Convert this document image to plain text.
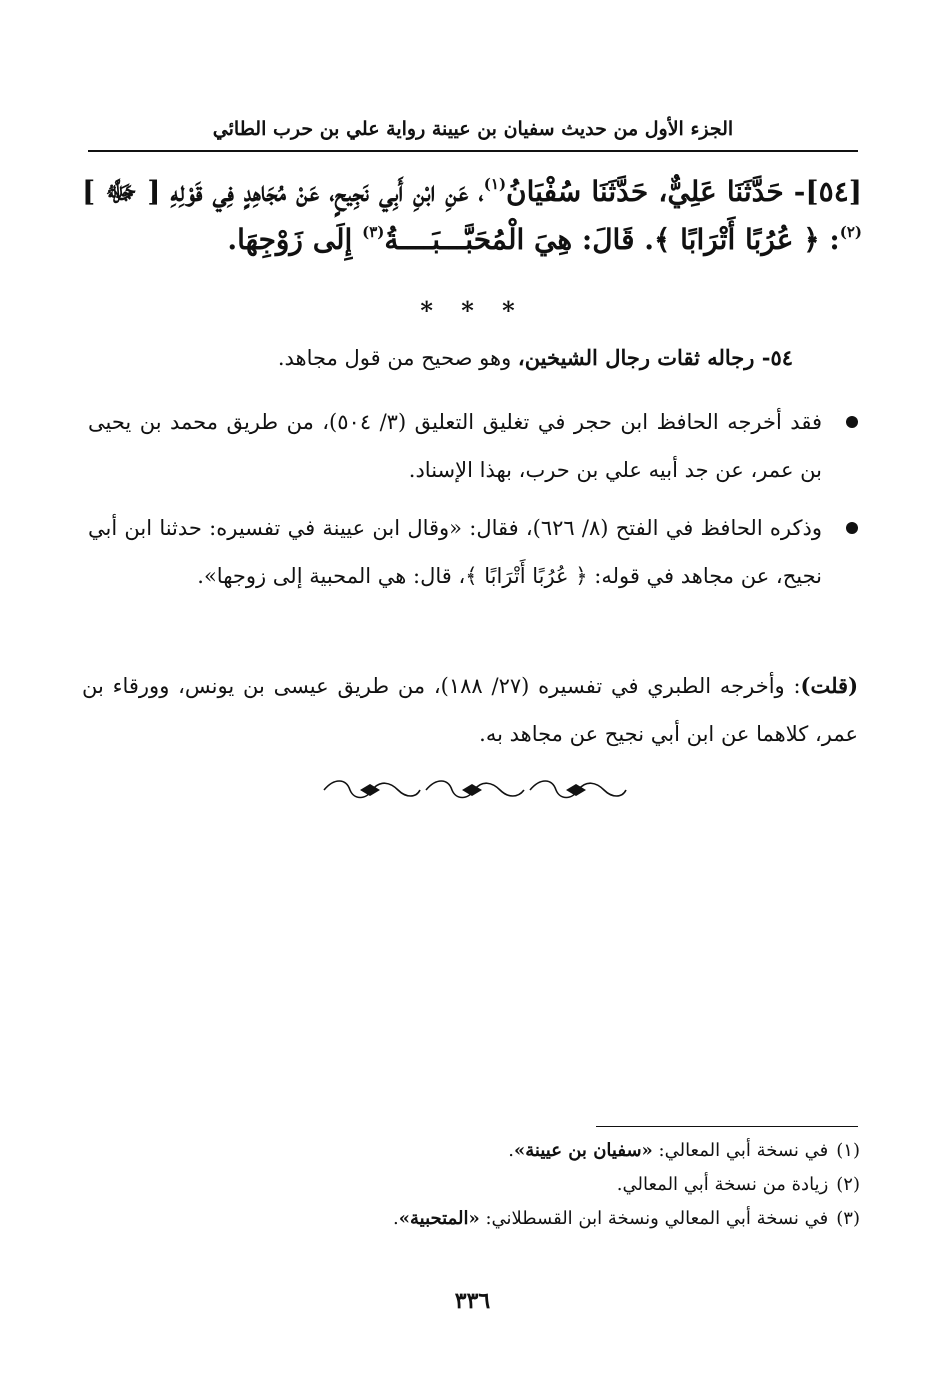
الجزء الأول من حديث سفيان بن عيينة رواية علي بن حرب الطائي
[٥٤]- حَدَّثَنَا عَلِيٌّ، حَدَّثَنَا سُفْيَانُ$^{(١)}$، عَنِ ابْنِ أَبِي نَجِيحٍ، عَنْ مُجَاهِدٍ فِي قَوْلِهِ [ ﷻ ]$^{(٢)}$: ﴿ عُرُبًا أَتْرَابًا ﴾. قَالَ: هِيَ الْمُحَبَّـــبَــــةُ$^{(٣)}$ إِلَى زَوْجِهَا.
* * *
٥٤- رجاله ثقات رجال الشيخين، وهو صحيح من قول مجاهد.
فقد أخرجه الحافظ ابن حجر في تغليق التعليق (٣/ ٥٠٤)، من طريق محمد بن يحيى بن عمر، عن جد أبيه علي بن حرب، بهذا الإسناد.
وذكره الحافظ في الفتح (٨/ ٦٢٦)، فقال: «وقال ابن عيينة في تفسيره: حدثنا ابن أبي نجيح، عن مجاهد في قوله: ﴿ عُرُبًا أَتْرَابًا ﴾، قال: هي المحبية إلى زوجها».
(قلت): وأخرجه الطبري في تفسيره (٢٧/ ١٨٨)، من طريق عيسى بن يونس، وورقاء بن عمر، كلاهما عن ابن أبي نجيح عن مجاهد به.
(١)في نسخة أبي المعالي: «سفيان بن عيينة».
(٢)زيادة من نسخة أبي المعالي.
(٣)في نسخة أبي المعالي ونسخة ابن القسطلاني: «المتحبية».
٣٣٦
